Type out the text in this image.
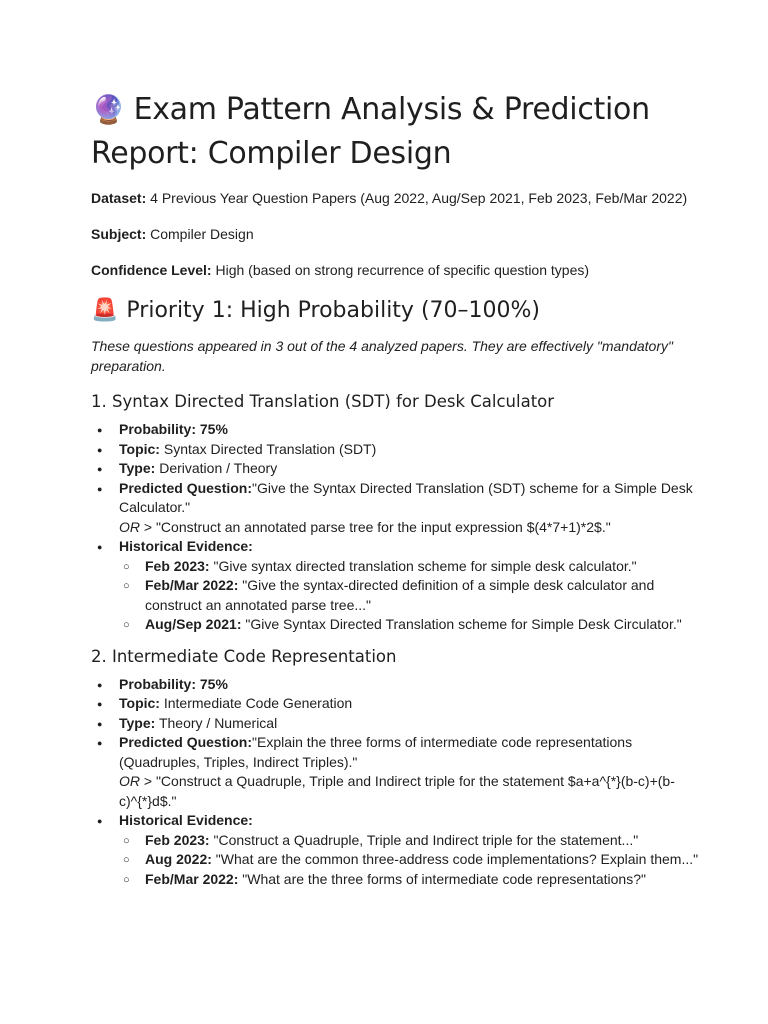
🔮 Exam Pattern Analysis & Prediction Report: Compiler Design

Dataset: 4 Previous Year Question Papers (Aug 2022, Aug/Sep 2021, Feb 2023, Feb/Mar 2022)

Subject: Compiler Design

Confidence Level: High (based on strong recurrence of specific question types)

🚨 Priority 1: High Probability (70–100%)

These questions appeared in 3 out of the 4 analyzed papers. They are effectively "mandatory" preparation.

1. Syntax Directed Translation (SDT) for Desk Calculator
● Probability: 75%
● Topic: Syntax Directed Translation (SDT)
● Type: Derivation / Theory
● Predicted Question:"Give the Syntax Directed Translation (SDT) scheme for a Simple Desk Calculator."
OR > "Construct an annotated parse tree for the input expression $(4*7+1)*2$."
● Historical Evidence:
○ Feb 2023: "Give syntax directed translation scheme for simple desk calculator."
○ Feb/Mar 2022: "Give the syntax-directed definition of a simple desk calculator and construct an annotated parse tree..."
○ Aug/Sep 2021: "Give Syntax Directed Translation scheme for Simple Desk Circulator."
2. Intermediate Code Representation
● Probability: 75%
● Topic: Intermediate Code Generation
● Type: Theory / Numerical
● Predicted Question:"Explain the three forms of intermediate code representations (Quadruples, Triples, Indirect Triples)."
OR > "Construct a Quadruple, Triple and Indirect triple for the statement $a+a^{*}(b-c)+(b-c)^{*}d$."
● Historical Evidence:
○ Feb 2023: "Construct a Quadruple, Triple and Indirect triple for the statement..."
○ Aug 2022: "What are the common three-address code implementations? Explain them..."
○ Feb/Mar 2022: "What are the three forms of intermediate code representations?"
